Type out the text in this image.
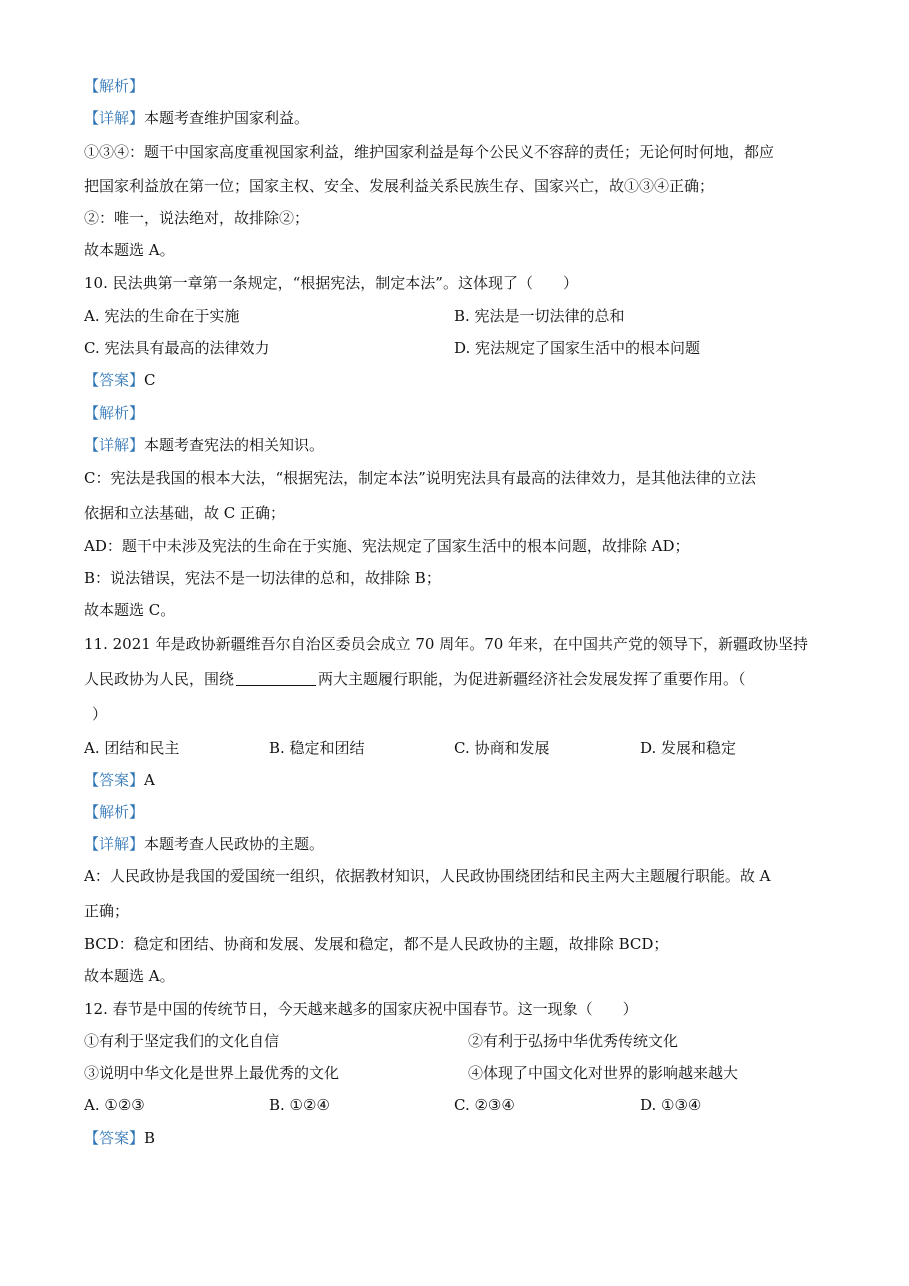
【解析】
【详解】本题考查维护国家利益。
①③④：题干中国家高度重视国家利益，维护国家利益是每个公民义不容辞的责任；无论何时何地，都应
把国家利益放在第一位；国家主权、安全、发展利益关系民族生存、国家兴亡，故①③④正确；
②：唯一，说法绝对，故排除②；
故本题选 A。
10. 民法典第一章第一条规定，“根据宪法，制定本法”。这体现了（　　）
A. 宪法的生命在于实施	B. 宪法是一切法律的总和
C. 宪法具有最高的法律效力	D. 宪法规定了国家生活中的根本问题
【答案】C
【解析】
【详解】本题考查宪法的相关知识。
C：宪法是我国的根本大法，“根据宪法，制定本法”说明宪法具有最高的法律效力，是其他法律的立法
依据和立法基础，故 C 正确；
AD：题干中未涉及宪法的生命在于实施、宪法规定了国家生活中的根本问题，故排除 AD；
B：说法错误，宪法不是一切法律的总和，故排除 B；
故本题选 C。
11. 2021 年是政协新疆维吾尔自治区委员会成立 70 周年。70 年来，在中国共产党的领导下，新疆政协坚持
人民政协为人民，围绕	两大主题履行职能，为促进新疆经济社会发展发挥了重要作用。（
）
A. 团结和民主	B. 稳定和团结	C. 协商和发展	D. 发展和稳定
【答案】A
【解析】
【详解】本题考查人民政协的主题。
A：人民政协是我国的爱国统一组织，依据教材知识，人民政协围绕团结和民主两大主题履行职能。故 A
正确；
BCD：稳定和团结、协商和发展、发展和稳定，都不是人民政协的主题，故排除 BCD；
故本题选 A。
12. 春节是中国的传统节日，今天越来越多的国家庆祝中国春节。这一现象（　　）
①有利于坚定我们的文化自信	②有利于弘扬中华优秀传统文化
③说明中华文化是世界上最优秀的文化	④体现了中国文化对世界的影响越来越大
A. ①②③	B. ①②④	C. ②③④	D. ①③④
【答案】B
